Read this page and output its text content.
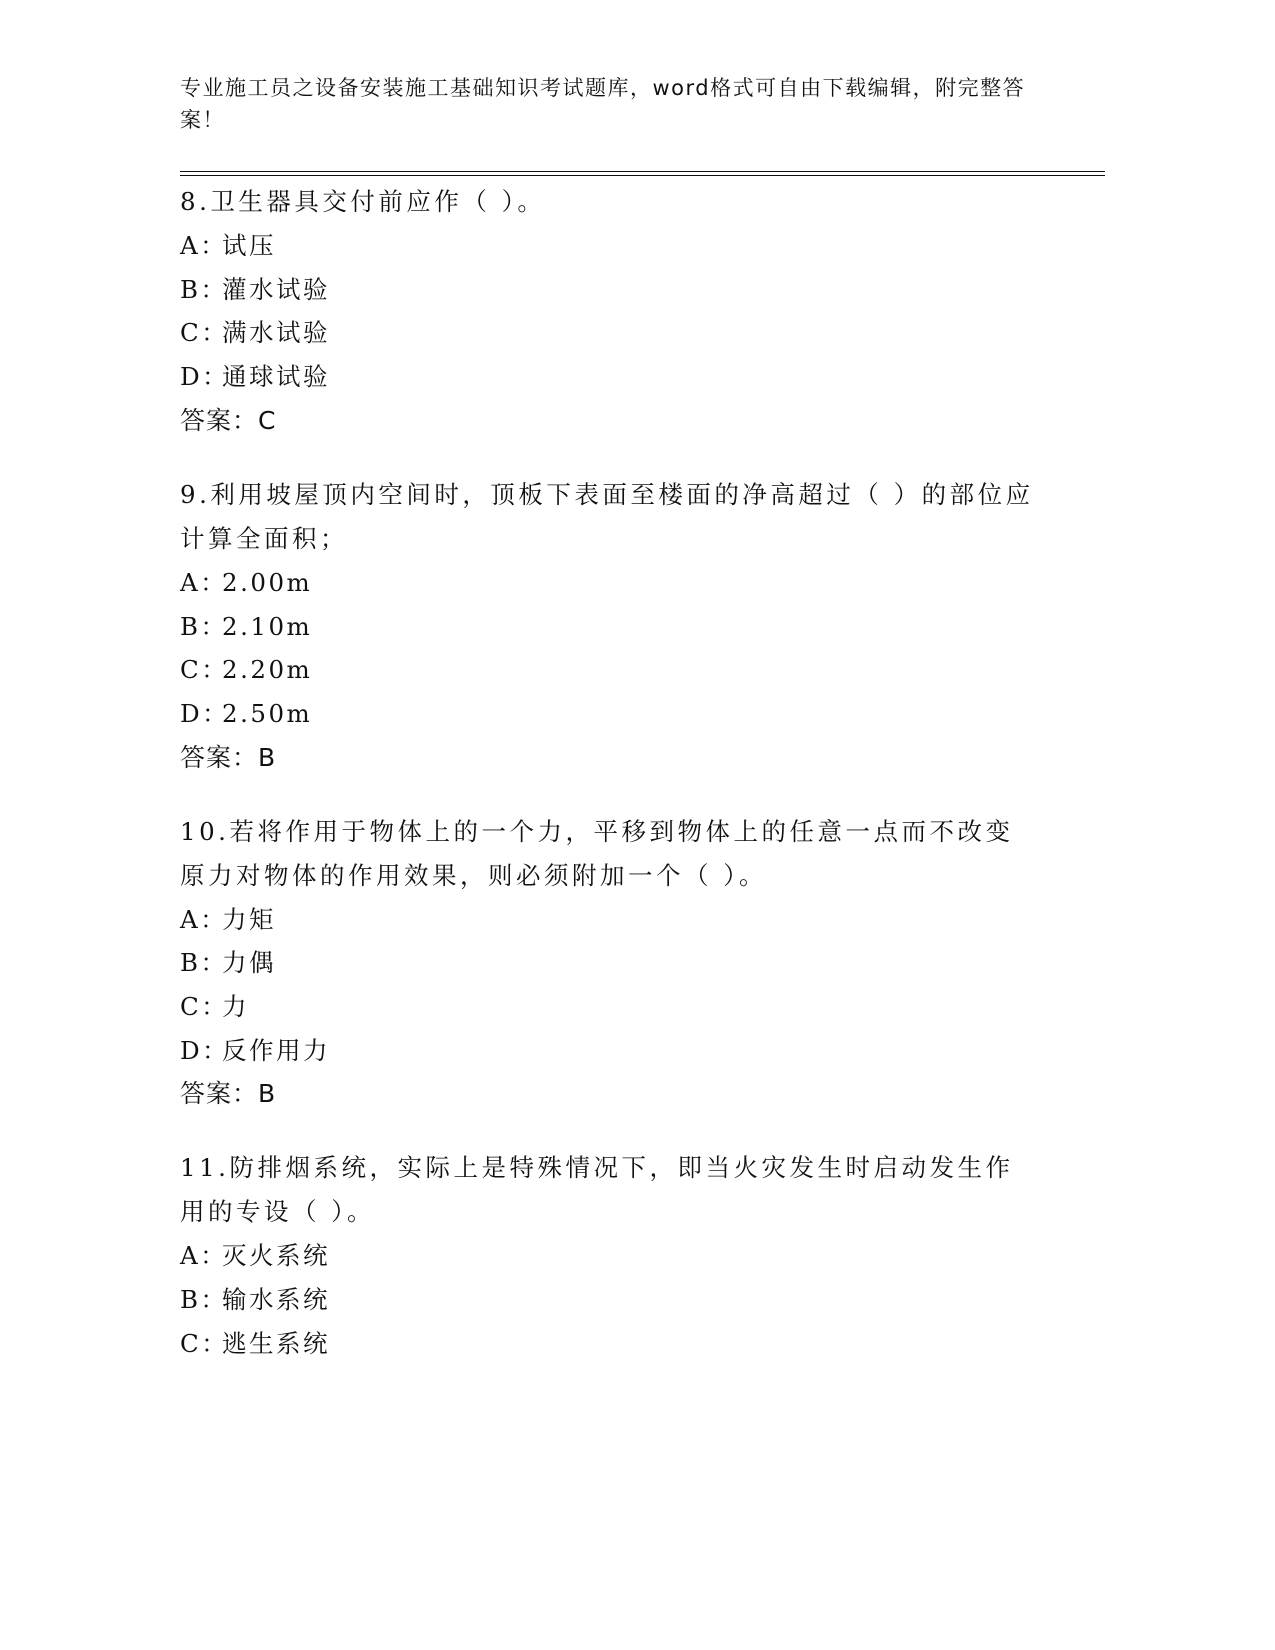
专业施工员之设备安装施工基础知识考试题库，word格式可自由下载编辑，附完整答案！

8.卫生器具交付前应作（ ）。

A：
试压

B：
灌水试验

C：
满水试验

D：
通球试验

答案：C

9.利用坡屋顶内空间时，顶板下表面至楼面的净高超过（ ）的部位应计算全面积；

A：
2.00m

B：
2.10m

C：
2.20m

D：
2.50m

答案：B

10.若将作用于物体上的一个力，平移到物体上的任意一点而不改变原力对物体的作用效果，则必须附加一个（ ）。

A：
力矩

B：
力偶

C：
力

D：
反作用力

答案：B

11.防排烟系统，实际上是特殊情况下，即当火灾发生时启动发生作用的专设（ ）。

A：
灭火系统

B：
输水系统

C：
逃生系统
